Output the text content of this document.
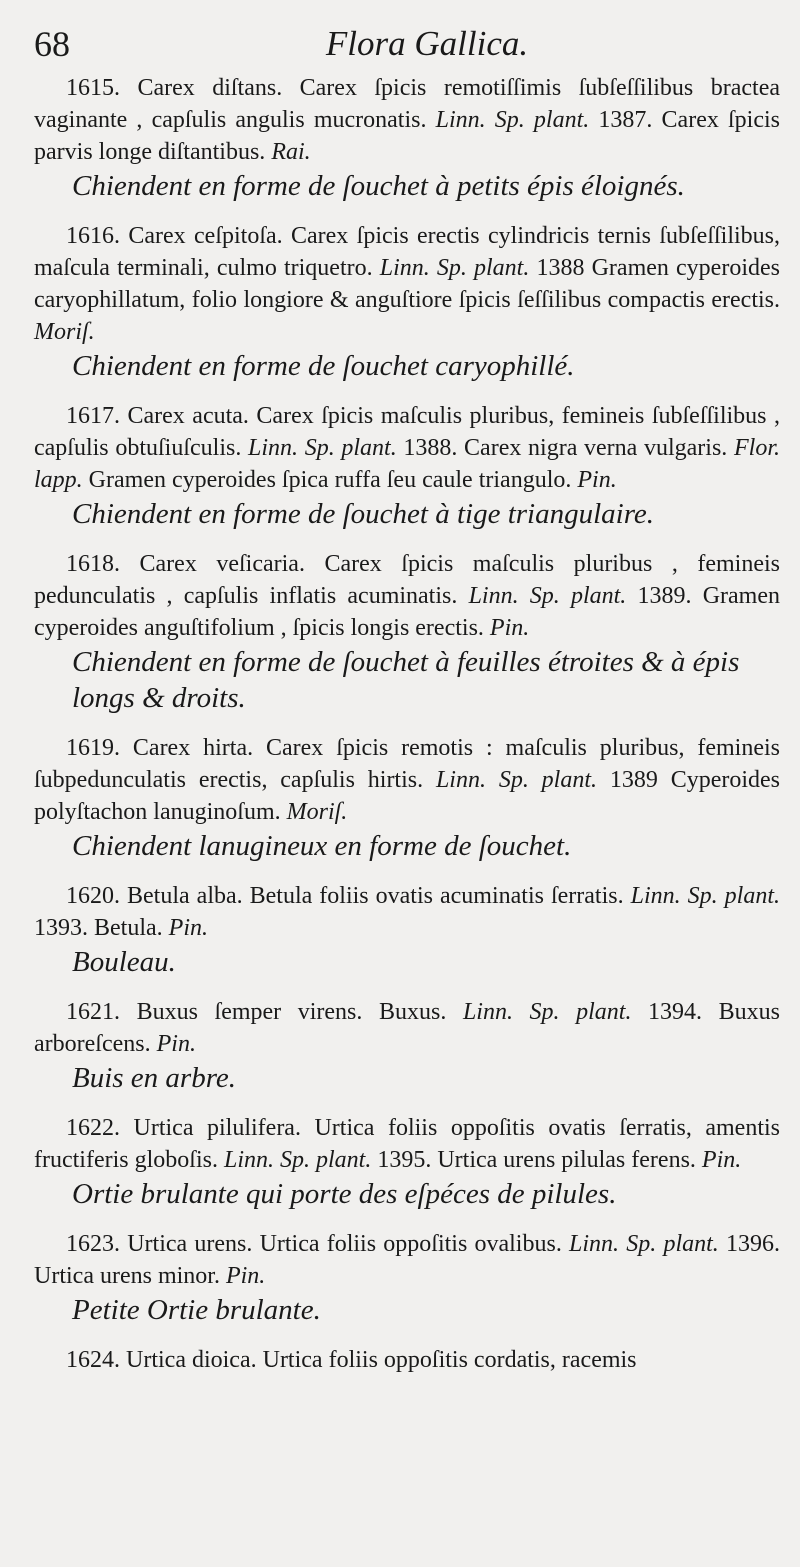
68	Flora Gallica.

1615. Carex diſtans. Carex ſpicis remotiſſimis ſubſeſſilibus bractea vaginante , capſulis angulis mucronatis. Linn. Sp. plant. 1387. Carex ſpicis parvis longe diſtantibus. Rai.

Chiendent en forme de ſouchet à petits épis éloignés.

1616. Carex ceſpitoſa. Carex ſpicis erectis cylindricis ternis ſubſeſſilibus, maſcula terminali, culmo triquetro. Linn. Sp. plant. 1388 Gramen cyperoides caryophillatum, folio longiore & anguſtiore ſpicis ſeſſilibus compactis erectis. Moriſ.

Chiendent en forme de ſouchet caryophillé.

1617. Carex acuta. Carex ſpicis maſculis pluribus, femineis ſubſeſſilibus , capſulis obtuſiuſculis. Linn. Sp. plant. 1388. Carex nigra verna vulgaris. Flor. lapp. Gramen cyperoides ſpica ruffa ſeu caule triangulo. Pin.

Chiendent en forme de ſouchet à tige triangulaire.

1618. Carex veſicaria. Carex ſpicis maſculis pluribus , femineis pedunculatis , capſulis inflatis acuminatis. Linn. Sp. plant. 1389. Gramen cyperoides anguſtifolium , ſpicis longis erectis. Pin.

Chiendent en forme de ſouchet à feuilles étroites & à épis longs & droits.

1619. Carex hirta. Carex ſpicis remotis : maſculis pluribus, femineis ſubpedunculatis erectis, capſulis hirtis. Linn. Sp. plant. 1389 Cyperoides polyſtachon lanuginoſum. Moriſ.

Chiendent lanugineux en forme de ſouchet.

1620. Betula alba. Betula foliis ovatis acuminatis ſerratis. Linn. Sp. plant. 1393. Betula. Pin.

Bouleau.

1621. Buxus ſemper virens. Buxus. Linn. Sp. plant. 1394. Buxus arboreſcens. Pin.

Buis en arbre.

1622. Urtica pilulifera. Urtica foliis oppoſitis ovatis ſerratis, amentis fructiferis globoſis. Linn. Sp. plant. 1395. Urtica urens pilulas ferens. Pin.

Ortie brulante qui porte des eſpéces de pilules.

1623. Urtica urens. Urtica foliis oppoſitis ovalibus. Linn. Sp. plant. 1396. Urtica urens minor. Pin.

Petite Ortie brulante.

1624. Urtica dioica. Urtica foliis oppoſitis cordatis, racemis
